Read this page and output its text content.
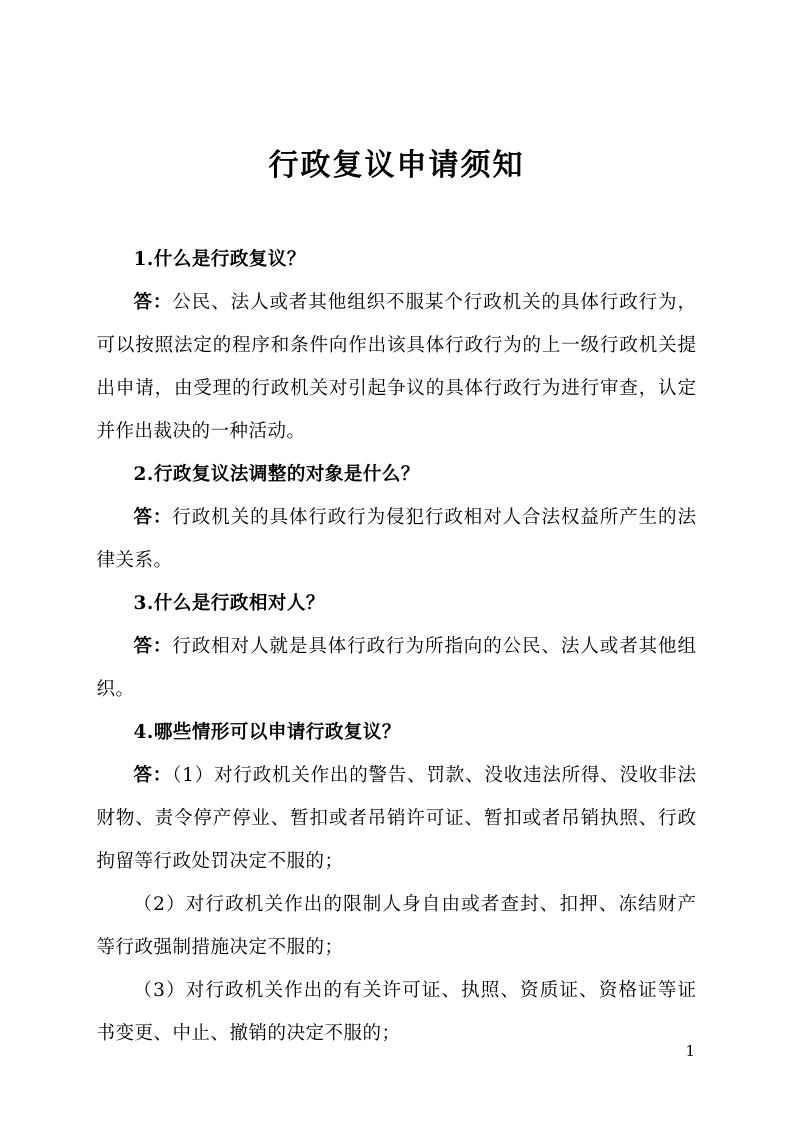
行政复议申请须知

1.什么是行政复议？

答：公民、法人或者其他组织不服某个行政机关的具体行政行为，可以按照法定的程序和条件向作出该具体行政行为的上一级行政机关提出申请，由受理的行政机关对引起争议的具体行政行为进行审查，认定并作出裁决的一种活动。

2.行政复议法调整的对象是什么？

答：行政机关的具体行政行为侵犯行政相对人合法权益所产生的法律关系。

3.什么是行政相对人？

答：行政相对人就是具体行政行为所指向的公民、法人或者其他组织。

4.哪些情形可以申请行政复议？

答：（1）对行政机关作出的警告、罚款、没收违法所得、没收非法财物、责令停产停业、暂扣或者吊销许可证、暂扣或者吊销执照、行政拘留等行政处罚决定不服的；

（2）对行政机关作出的限制人身自由或者查封、扣押、冻结财产等行政强制措施决定不服的；

（3）对行政机关作出的有关许可证、执照、资质证、资格证等证书变更、中止、撤销的决定不服的；

1
